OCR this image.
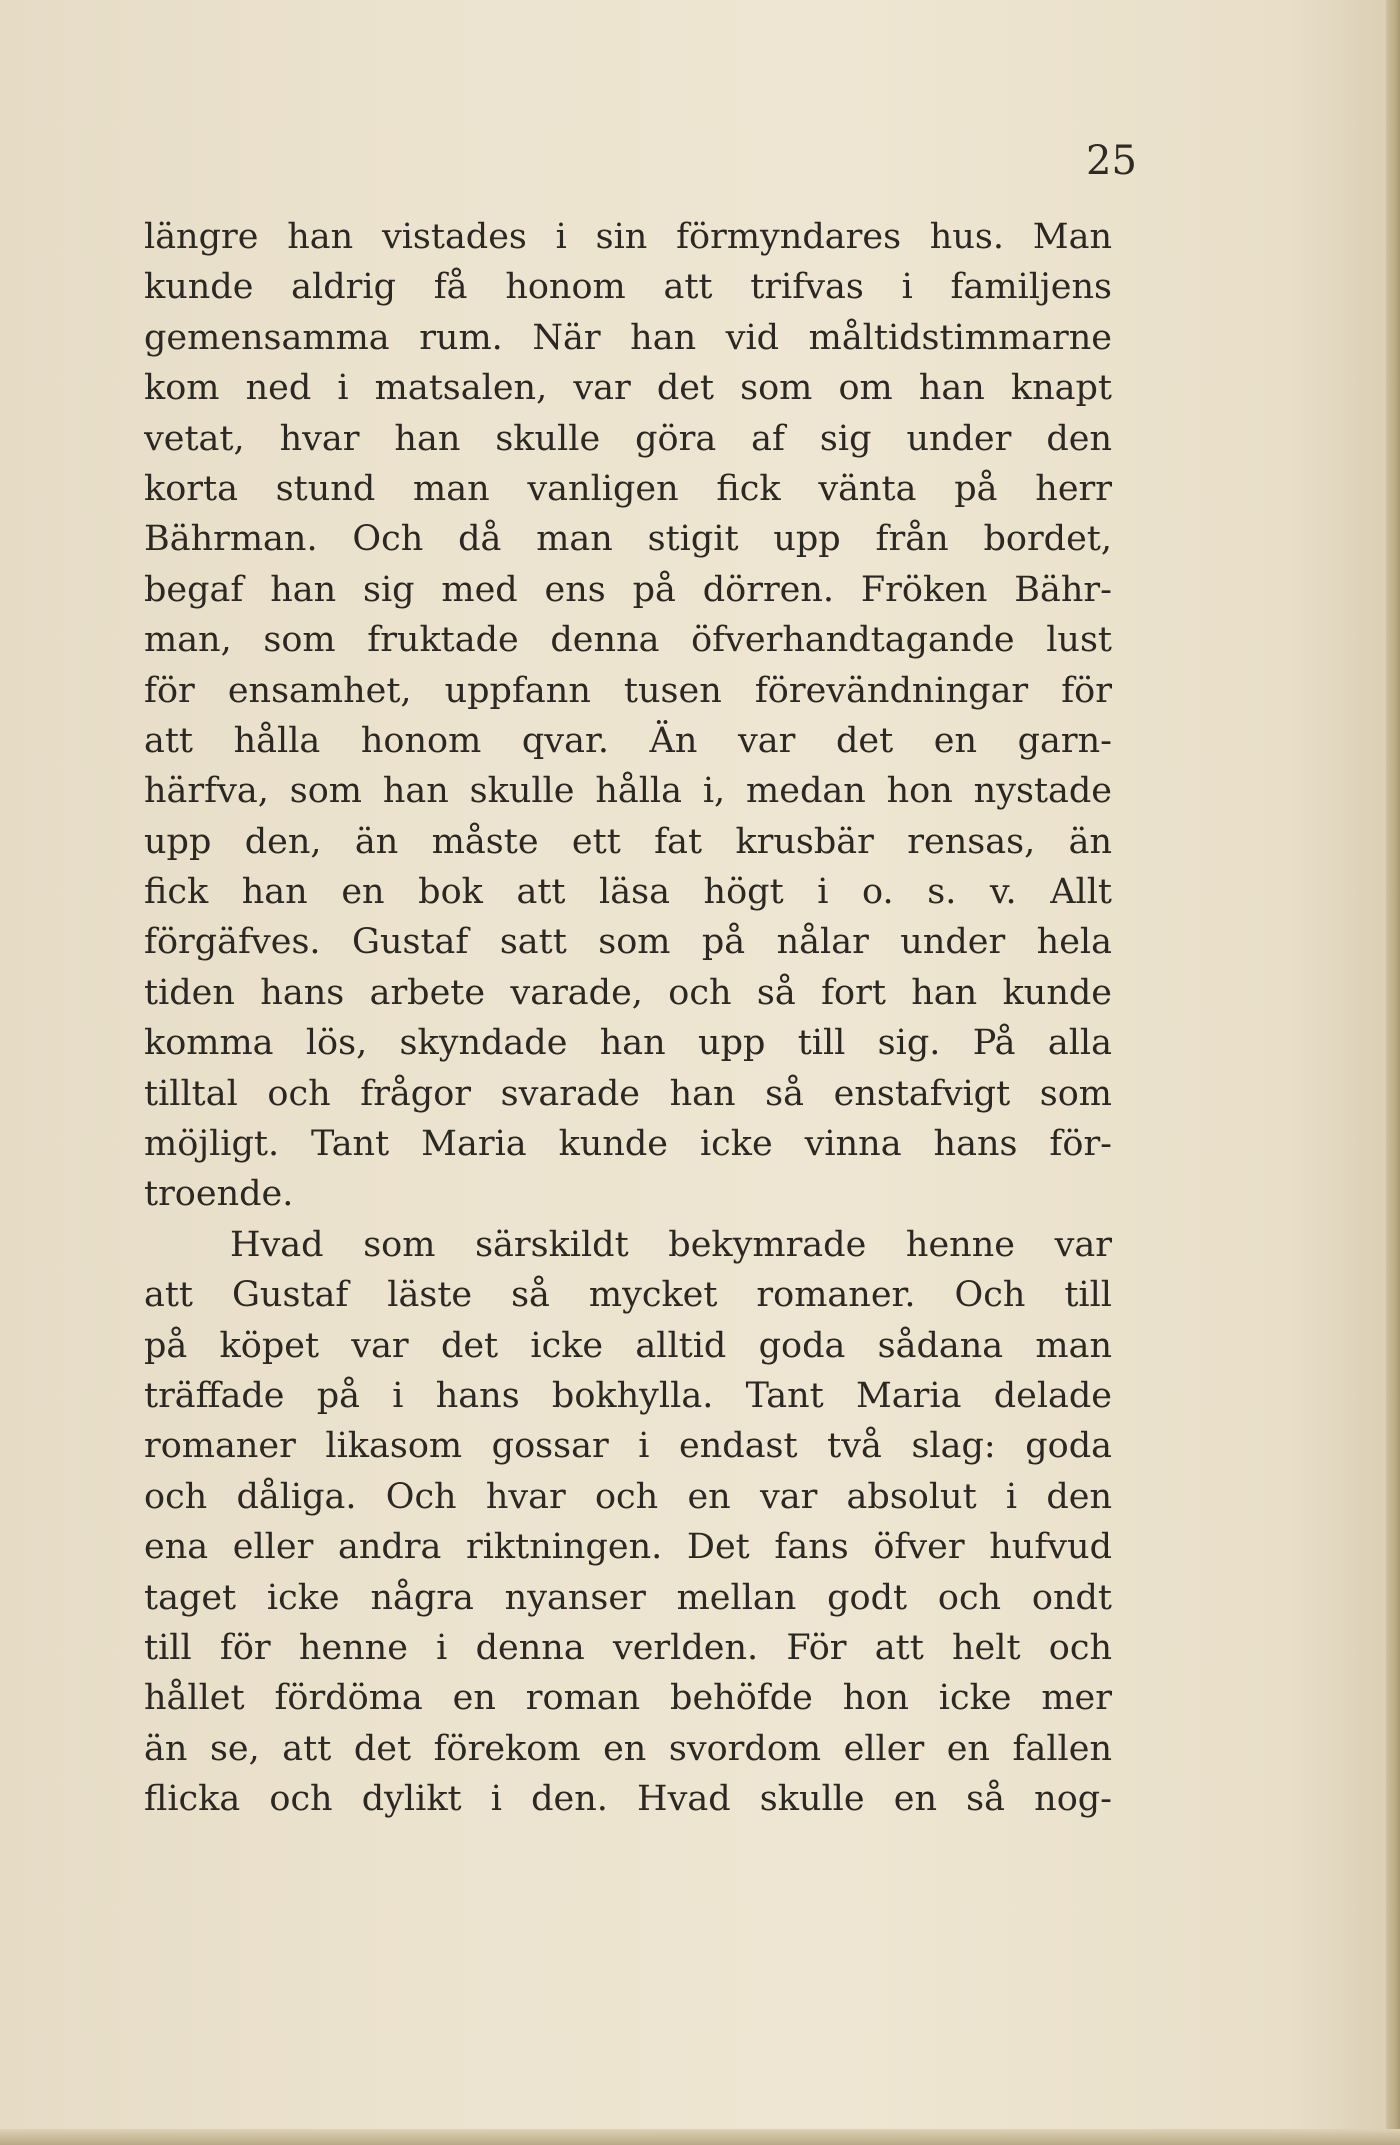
25

längre han vistades i sin förmyndares hus. Man
kunde aldrig få honom att trifvas i familjens
gemensamma rum. När han vid måltidstimmarne
kom ned i matsalen, var det som om han knapt
vetat, hvar han skulle göra af sig under den
korta stund man vanligen fick vänta på herr
Bährman. Och då man stigit upp från bordet,
begaf han sig med ens på dörren. Fröken Bähr-
man, som fruktade denna öfverhandtagande lust
för ensamhet, uppfann tusen förevändningar för
att hålla honom qvar. Än var det en garn-
härfva, som han skulle hålla i, medan hon nystade
upp den, än måste ett fat krusbär rensas, än
fick han en bok att läsa högt i o. s. v. Allt
förgäfves. Gustaf satt som på nålar under hela
tiden hans arbete varade, och så fort han kunde
komma lös, skyndade han upp till sig. På alla
tilltal och frågor svarade han så enstafvigt som
möjligt. Tant Maria kunde icke vinna hans för-
troende.
Hvad som särskildt bekymrade henne var
att Gustaf läste så mycket romaner. Och till
på köpet var det icke alltid goda sådana man
träffade på i hans bokhylla. Tant Maria delade
romaner likasom gossar i endast två slag: goda
och dåliga. Och hvar och en var absolut i den
ena eller andra riktningen. Det fans öfver hufvud
taget icke några nyanser mellan godt och ondt
till för henne i denna verlden. För att helt och
hållet fördöma en roman behöfde hon icke mer
än se, att det förekom en svordom eller en fallen
flicka och dylikt i den. Hvad skulle en så nog-
